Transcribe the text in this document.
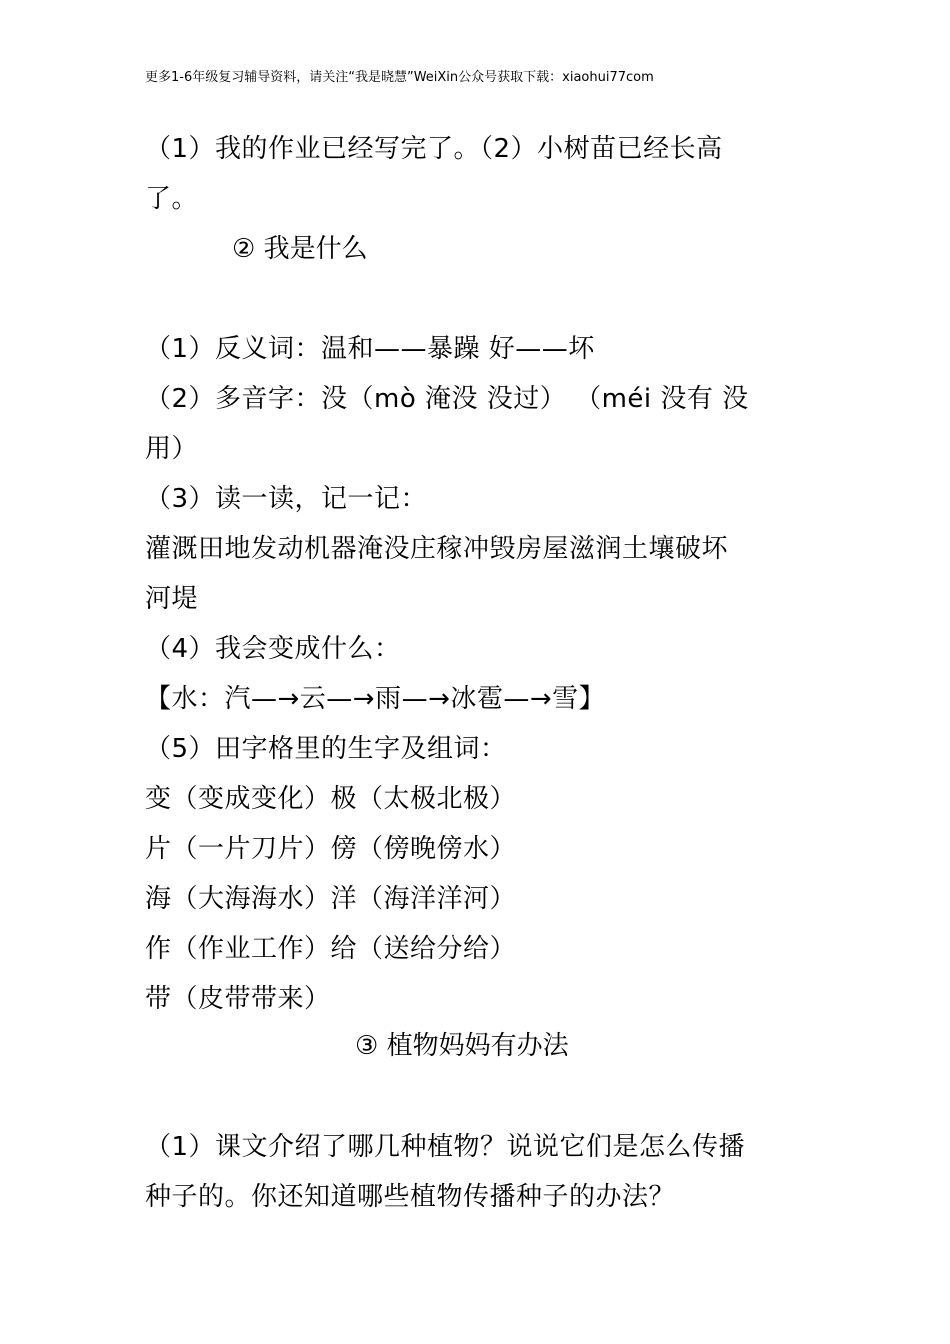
更多1-6年级复习辅导资料，请关注“我是晓慧”WeiXin公众号获取下载：xiaohui77com
（1）我的作业已经写完了。（2）小树苗已经长高
了。
② 我是什么
（1）反义词：温和——暴躁 好——坏
（2）多音字：没（mò 淹没 没过） （méi 没有 没
用）
（3）读一读，记一记：
灌溉田地发动机器淹没庄稼冲毁房屋滋润土壤破坏
河堤
（4）我会变成什么：
【水：汽—→云—→雨—→冰雹—→雪】
（5）田字格里的生字及组词：
变（变成变化）极（太极北极）
片（一片刀片）傍（傍晚傍水）
海（大海海水）洋（海洋洋河）
作（作业工作）给（送给分给）
带（皮带带来）
③ 植物妈妈有办法
（1）课文介绍了哪几种植物？说说它们是怎么传播
种子的。你还知道哪些植物传播种子的办法？
